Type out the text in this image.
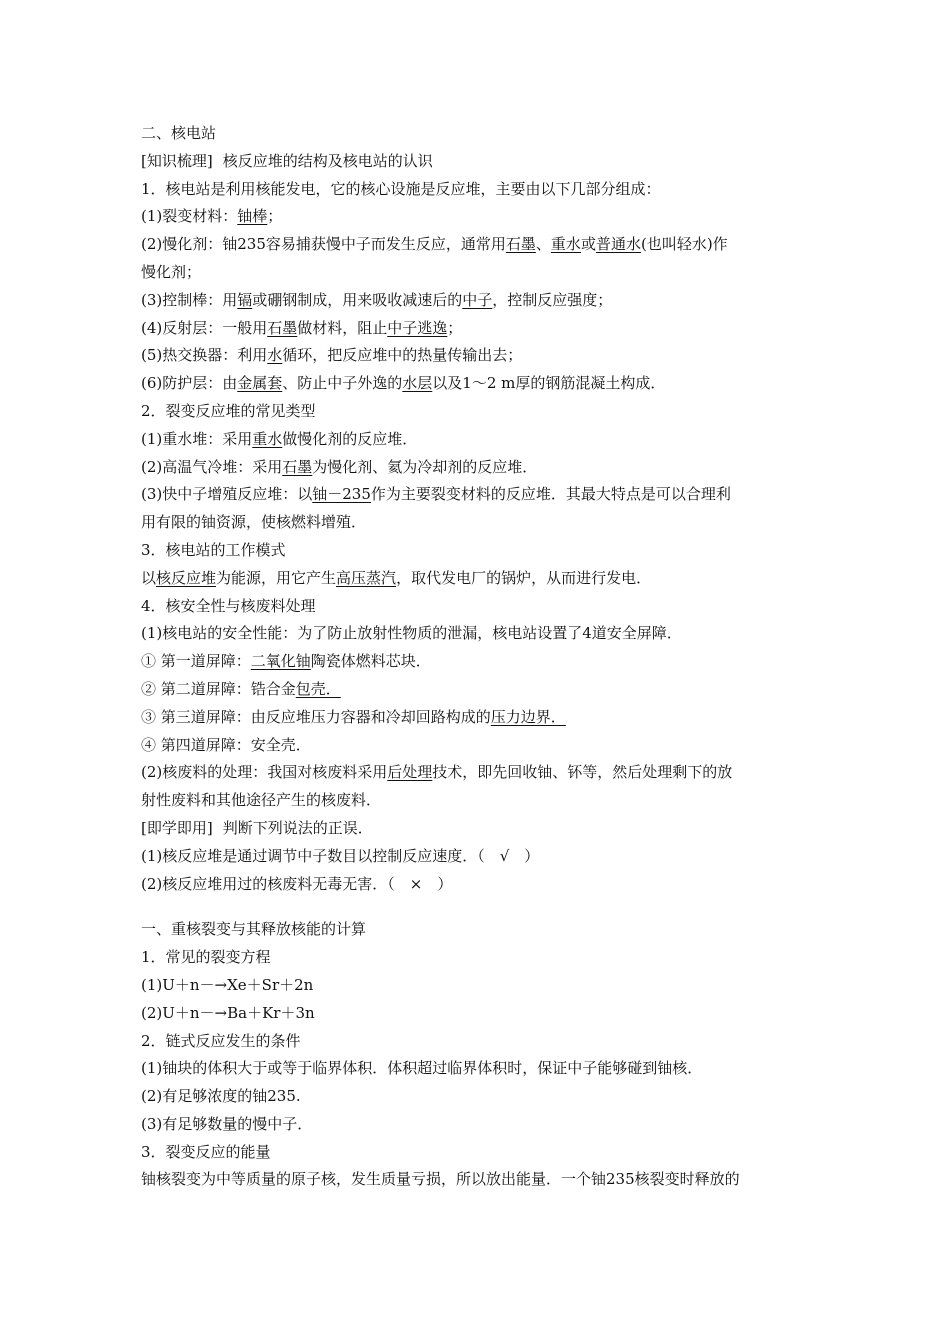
二、核电站
[知识梳理] 核反应堆的结构及核电站的认识
1．核电站是利用核能发电，它的核心设施是反应堆，主要由以下几部分组成：
(1)裂变材料：铀棒；
(2)慢化剂：铀235容易捕获慢中子而发生反应，通常用石墨、重水或普通水(也叫轻水)作
慢化剂；
(3)控制棒：用镉或硼钢制成，用来吸收减速后的中子，控制反应强度；
(4)反射层：一般用石墨做材料，阻止中子逃逸；
(5)热交换器：利用水循环，把反应堆中的热量传输出去；
(6)防护层：由金属套、防止中子外逸的水层以及1～2 m厚的钢筋混凝土构成．
2．裂变反应堆的常见类型
(1)重水堆：采用重水做慢化剂的反应堆．
(2)高温气冷堆：采用石墨为慢化剂、氦为冷却剂的反应堆．
(3)快中子增殖反应堆：以铀－235作为主要裂变材料的反应堆．其最大特点是可以合理利
用有限的铀资源，使核燃料增殖．
3．核电站的工作模式
以核反应堆为能源，用它产生高压蒸汽，取代发电厂的锅炉，从而进行发电．
4．核安全性与核废料处理
(1)核电站的安全性能：为了防止放射性物质的泄漏，核电站设置了4道安全屏障．
① 第一道屏障：二氧化铀陶瓷体燃料芯块．
② 第二道屏障：锆合金包壳．
③ 第三道屏障：由反应堆压力容器和冷却回路构成的压力边界．
④ 第四道屏障：安全壳．
(2)核废料的处理：我国对核废料采用后处理技术，即先回收铀、钚等，然后处理剩下的放
射性废料和其他途径产生的核废料．
[即学即用] 判断下列说法的正误．
(1)核反应堆是通过调节中子数目以控制反应速度．（　√　）
(2)核反应堆用过的核废料无毒无害．（　×　）
一、重核裂变与其释放核能的计算
1．常见的裂变方程
(1)U＋n－→Xe＋Sr＋2n
(2)U＋n－→Ba＋Kr＋3n
2．链式反应发生的条件
(1)铀块的体积大于或等于临界体积．体积超过临界体积时，保证中子能够碰到铀核．
(2)有足够浓度的铀235.
(3)有足够数量的慢中子．
3．裂变反应的能量
铀核裂变为中等质量的原子核，发生质量亏损，所以放出能量．一个铀235核裂变时释放的
